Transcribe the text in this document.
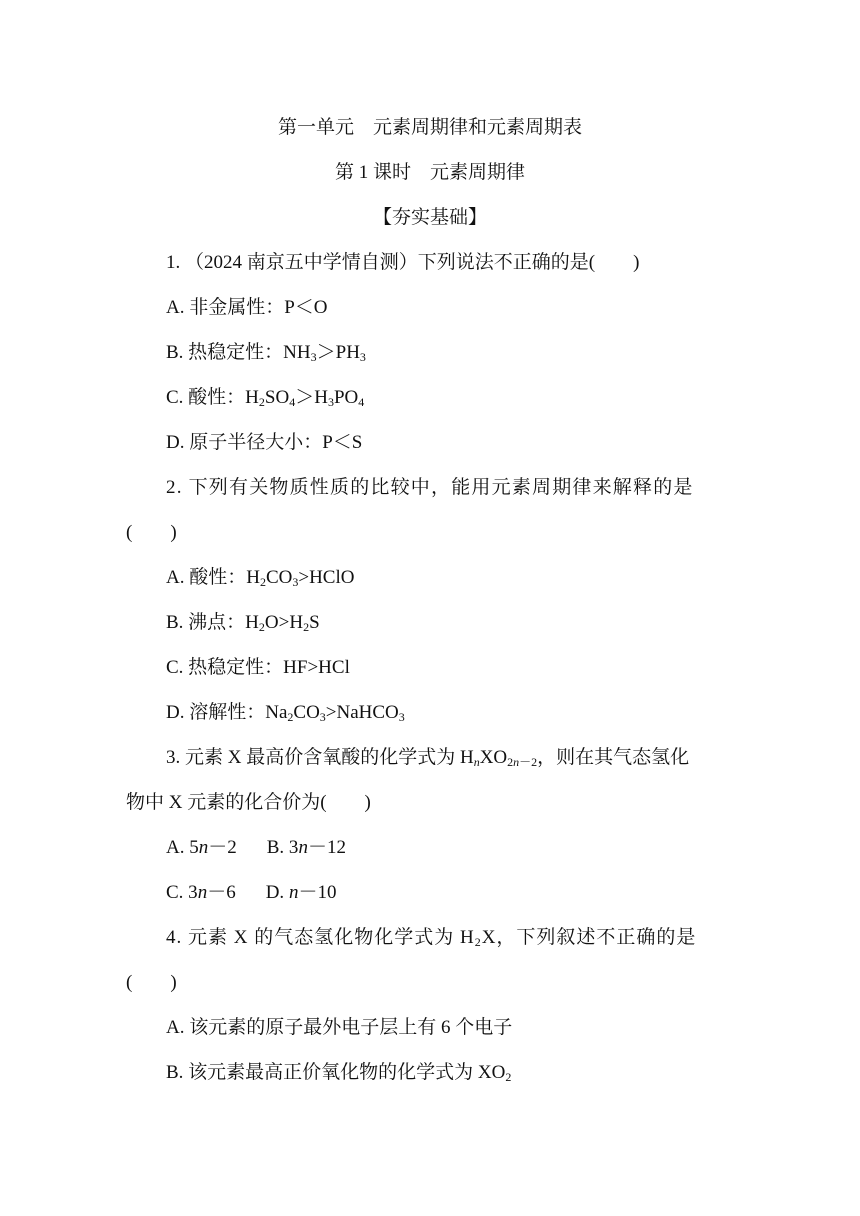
第一单元　元素周期律和元素周期表
第 1 课时　元素周期律
【夯实基础】
1. （2024 南京五中学情自测）下列说法不正确的是(　　)
A. 非金属性：P＜O
B. 热稳定性：$NH_3>PH_3$
C. 酸性：$H_2SO_4>H_3PO_4$
D. 原子半径大小：P＜S
2. 下列有关物质性质的比较中，能用元素周期律来解释的是
(　　)
A. 酸性：$H_2CO_3>HClO$
B. 沸点：$H_2O>H_2S$
C. 热稳定性：HF>HCl
D. 溶解性：$Na_2CO_3>NaHCO_3$
3. 元素 X 最高价含氧酸的化学式为 $H_nXO_{2n-2}$，则在其气态氢化
物中 X 元素的化合价为(　　)
A. 5n－2 B. 3n－12
C. 3n－6 D. n－10
4. 元素 X 的气态氢化物化学式为 $H_2X$，下列叙述不正确的是
(　　)
A. 该元素的原子最外电子层上有 6 个电子
B. 该元素最高正价氧化物的化学式为 $XO_2$
